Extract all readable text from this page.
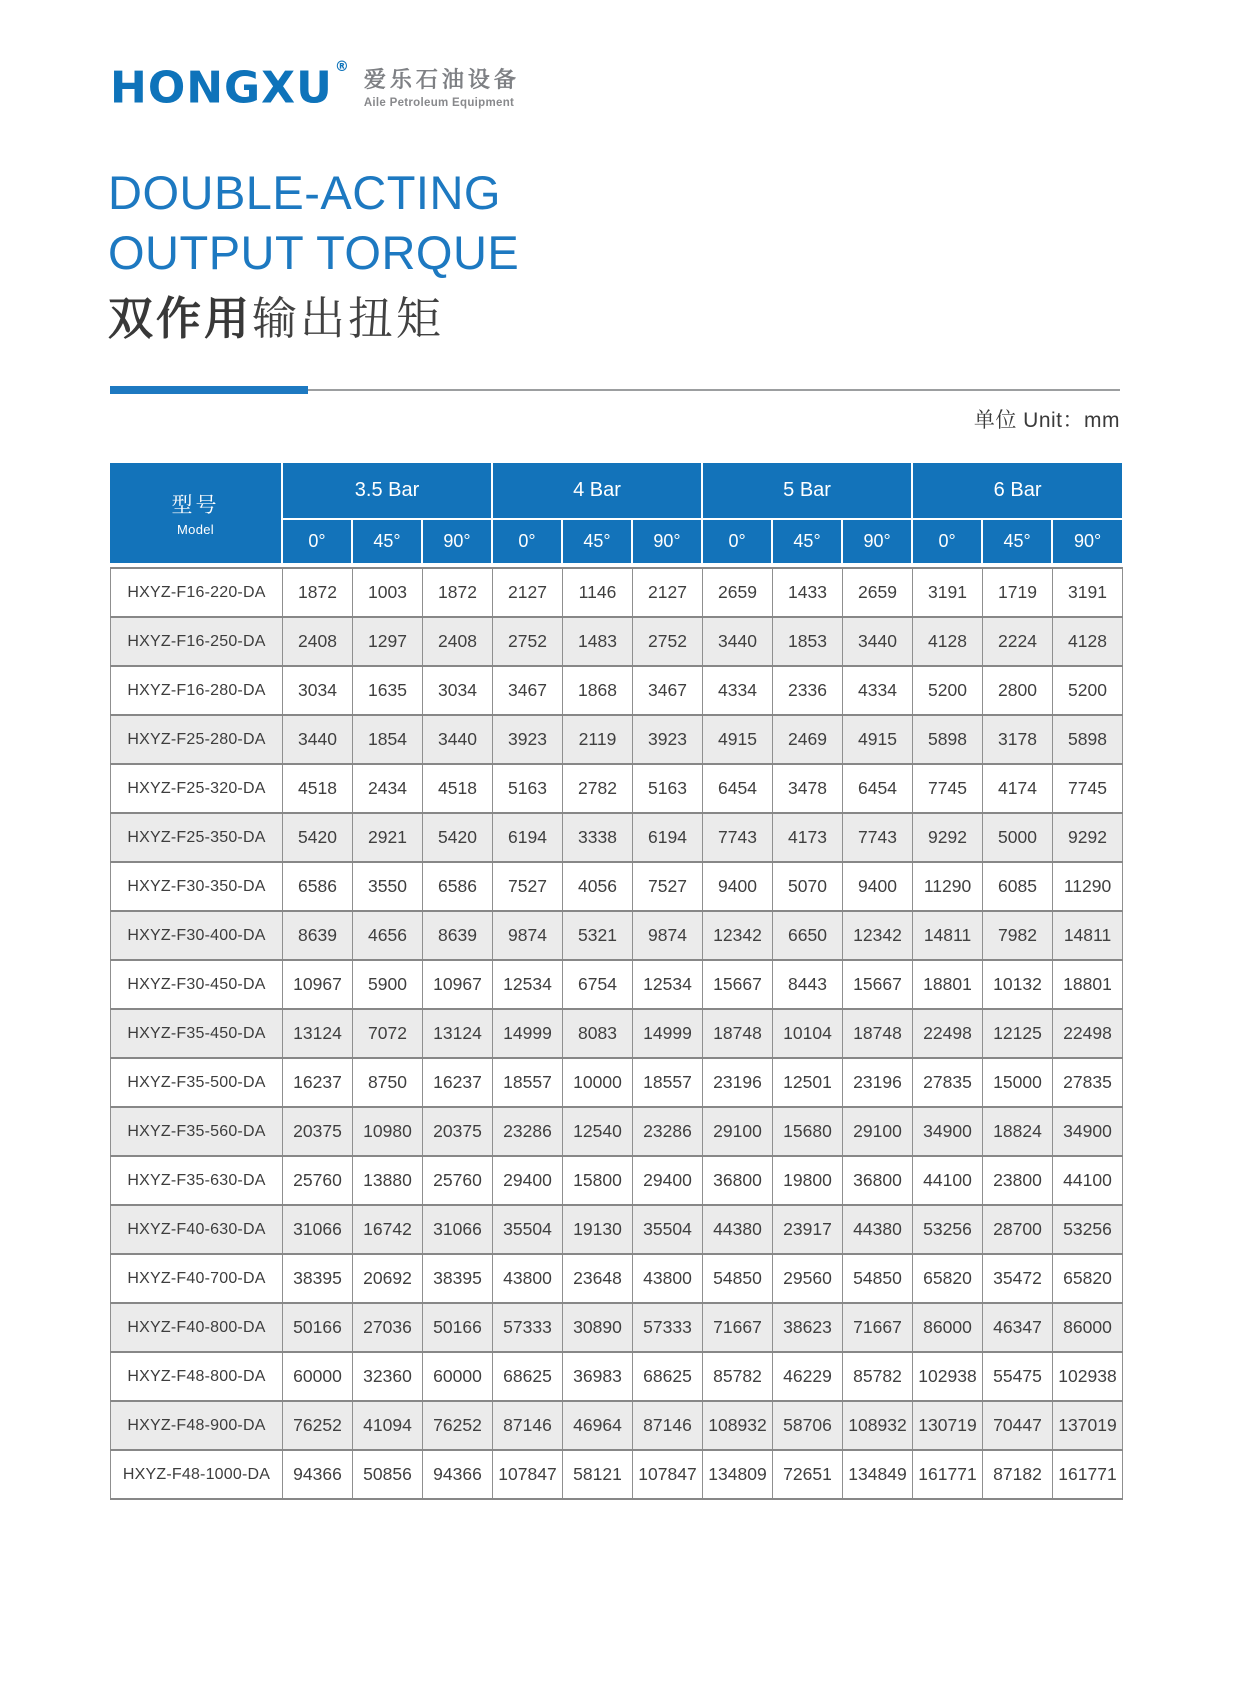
HONGXU ®
爱乐石油设备
Aile Petroleum Equipment
DOUBLE-ACTING
OUTPUT TORQUE
双作用输出扭矩
单位 Unit：mm
型号
Model	3.5 Bar			4 Bar			5 Bar			6 Bar		
	0°	45°	90°	0°	45°	90°	0°	45°	90°	0°	45°	90°
HXYZ-F16-220-DA	1872	1003	1872	2127	1146	2127	2659	1433	2659	3191	1719	3191
HXYZ-F16-250-DA	2408	1297	2408	2752	1483	2752	3440	1853	3440	4128	2224	4128
HXYZ-F16-280-DA	3034	1635	3034	3467	1868	3467	4334	2336	4334	5200	2800	5200
HXYZ-F25-280-DA	3440	1854	3440	3923	2119	3923	4915	2469	4915	5898	3178	5898
HXYZ-F25-320-DA	4518	2434	4518	5163	2782	5163	6454	3478	6454	7745	4174	7745
HXYZ-F25-350-DA	5420	2921	5420	6194	3338	6194	7743	4173	7743	9292	5000	9292
HXYZ-F30-350-DA	6586	3550	6586	7527	4056	7527	9400	5070	9400	11290	6085	11290
HXYZ-F30-400-DA	8639	4656	8639	9874	5321	9874	12342	6650	12342	14811	7982	14811
HXYZ-F30-450-DA	10967	5900	10967	12534	6754	12534	15667	8443	15667	18801	10132	18801
HXYZ-F35-450-DA	13124	7072	13124	14999	8083	14999	18748	10104	18748	22498	12125	22498
HXYZ-F35-500-DA	16237	8750	16237	18557	10000	18557	23196	12501	23196	27835	15000	27835
HXYZ-F35-560-DA	20375	10980	20375	23286	12540	23286	29100	15680	29100	34900	18824	34900
HXYZ-F35-630-DA	25760	13880	25760	29400	15800	29400	36800	19800	36800	44100	23800	44100
HXYZ-F40-630-DA	31066	16742	31066	35504	19130	35504	44380	23917	44380	53256	28700	53256
HXYZ-F40-700-DA	38395	20692	38395	43800	23648	43800	54850	29560	54850	65820	35472	65820
HXYZ-F40-800-DA	50166	27036	50166	57333	30890	57333	71667	38623	71667	86000	46347	86000
HXYZ-F48-800-DA	60000	32360	60000	68625	36983	68625	85782	46229	85782	102938	55475	102938
HXYZ-F48-900-DA	76252	41094	76252	87146	46964	87146	108932	58706	108932	130719	70447	137019
HXYZ-F48-1000-DA	94366	50856	94366	107847	58121	107847	134809	72651	134849	161771	87182	161771
